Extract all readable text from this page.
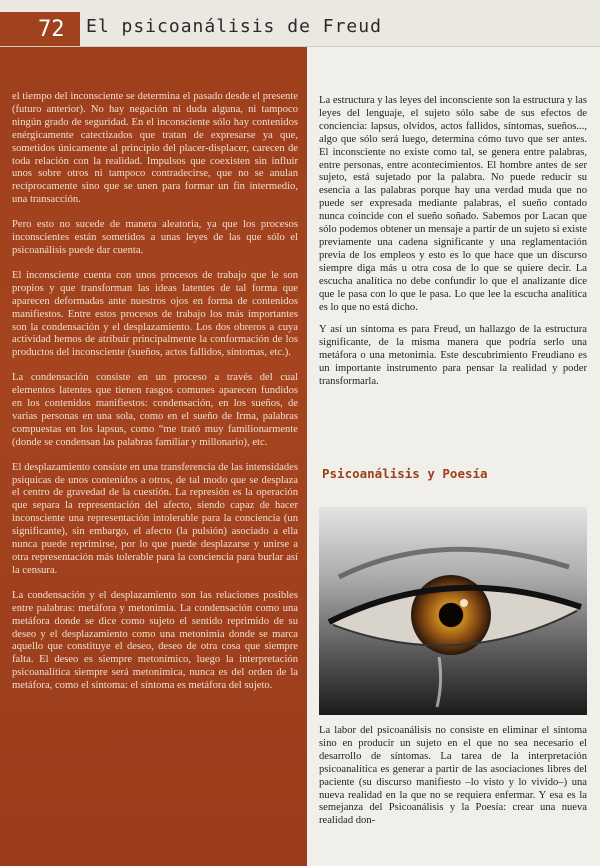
72	El psicoanálisis de Freud

el tiempo del inconsciente se determina el pasado desde el presente (futuro anterior). No hay negación ni duda alguna, ni tampoco ningún grado de seguridad. En el inconsciente sólo hay contenidos enérgicamente catectizados que tratan de expresarse ya que, sometidos únicamente al principio del placer-displacer, carecen de toda relación con la realidad. Impulsos que coexisten sin influir unos sobre otros ni tampoco contradecirse, que no se anulan recíprocamente sino que se unen para formar un fin intermedio, una transacción.

Pero esto no sucede de manera aleatoria, ya que los procesos inconscientes están sometidos a unas leyes de las que sólo el psicoanálisis puede dar cuenta.

El inconsciente cuenta con unos procesos de trabajo que le son propios y que transforman las ideas latentes de tal forma que aparecen deformadas ante nuestros ojos en forma de contenidos manifiestos. Entre estos procesos de trabajo los más importantes son la condensación y el desplazamiento. Los dos obreros a cuya actividad hemos de atribuir principalmente la conformación de los productos del inconsciente (sueños, actos fallidos, síntomas, etc.).

La condensación consiste en un proceso a través del cual elementos latentes que tienen rasgos comunes aparecen fundidos en los contenidos manifiestos: condensación, en los sueños, de varias personas en una sola, como en el sueño de Irma, palabras compuestas en los lapsus, como “me trató muy familionarmente (donde se condensan las palabras familiar y millonario), etc.

El desplazamiento consiste en una transferencia de las intensidades psíquicas de unos contenidos a otros, de tal modo que se desplaza el centro de gravedad de la cuestión. La represión es la operación que separa la representación del afecto, siendo capaz de hacer inconsciente una representación intolerable para la conciencia (un significante), sin embargo, el afecto (la pulsión) asociado a ella nunca puede reprimirse, por lo que puede desplazarse y unirse a otra representación más tolerable para la conciencia para burlar así la censura.

La condensación y el desplazamiento son las relaciones posibles entre palabras: metáfora y metonimia. La condensación como una metáfora donde se dice como sujeto el sentido reprimido de su deseo y el desplazamiento como una metonimia donde se marca aquello que constituye el deseo, deseo de otra cosa que siempre falta. El deseo es siempre metonímico, luego la interpretación psicoanalítica siempre será metonímica, nunca es del orden de la metáfora, como el síntoma: el síntoma es metáfora del sujeto.

La estructura y las leyes del inconsciente son la estructura y las leyes del lenguaje, el sujeto sólo sabe de sus efectos de conciencia: lapsus, olvidos, actos fallidos, síntomas, sueños..., algo que sólo será luego, determina cómo tuvo que ser antes. El inconsciente no existe como tal, se genera entre palabras, entre personas, entre acontecimientos. El hombre antes de ser sujeto, está sujetado por la palabra. No puede reducir su esencia a las palabras porque hay una verdad muda que no puede ser expresada mediante palabras, el sueño contado nunca coincide con el sueño soñado. Sabemos por Lacan que sólo podemos obtener un mensaje a partir de un sujeto si existe previamente una cadena significante y una reglamentación previa de los empleos y esto es lo que hace que un discurso siempre diga más u otra cosa de lo que se quiere decir. La escucha analítica no debe confundir lo que el analizante dice que le pasa con lo que le pasa. Lo que lee la escucha analítica es lo que no está dicho.

Y así un síntoma es para Freud, un hallazgo de la estructura significante, de la misma manera que podría serlo una metáfora o una metonimia. Este descubrimiento Freudiano es un importante instrumento para pensar la realidad y poder transformarla.

Psicoanálisis y Poesía

La labor del psicoanálisis no consiste en eliminar el síntoma sino en producir un sujeto en el que no sea necesario el desarrollo de síntomas. La tarea de la interpretación psicoanalítica es generar a partir de las asociaciones libres del paciente (su discurso manifiesto –lo visto y lo vivido–) una nueva realidad en la que no se requiera enfermar. Y esa es la semejanza del Psicoanálisis y la Poesía: crear una nueva realidad don-
